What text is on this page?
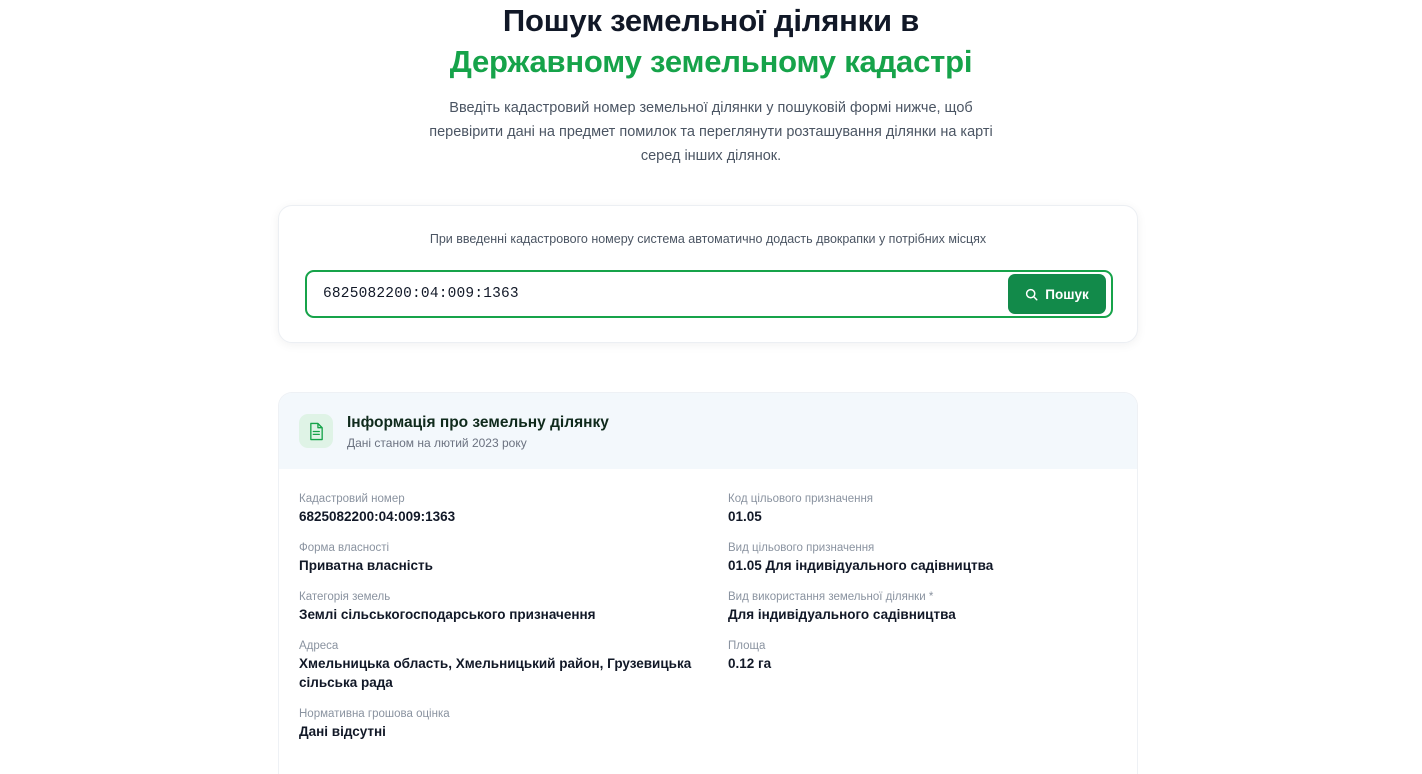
Пошук земельної ділянки в
Державному земельному кадастрі

Введіть кадастровий номер земельної ділянки у пошуковій формі нижче, щоб перевірити дані на предмет помилок та переглянути розташування ділянки на карті серед інших ділянок.

При введенні кадастрового номеру система автоматично додасть двокрапки у потрібних місцях
6825082200:04:009:1363
Пошук
Інформація про земельну ділянку

Дані станом на лютий 2023 року

Кадастровий номер
6825082200:04:009:1363
Форма власності
Приватна власність
Категорія земель
Землі сільськогосподарського призначення
Адреса
Хмельницька область, Хмельницький район, Грузевицька сільська рада
Нормативна грошова оцінка
Дані відсутні
Код цільового призначення
01.05
Вид цільового призначення
01.05 Для індивідуального садівництва
Вид використання земельної ділянки *
Для індивідуального садівництва
Площа
0.12 га
